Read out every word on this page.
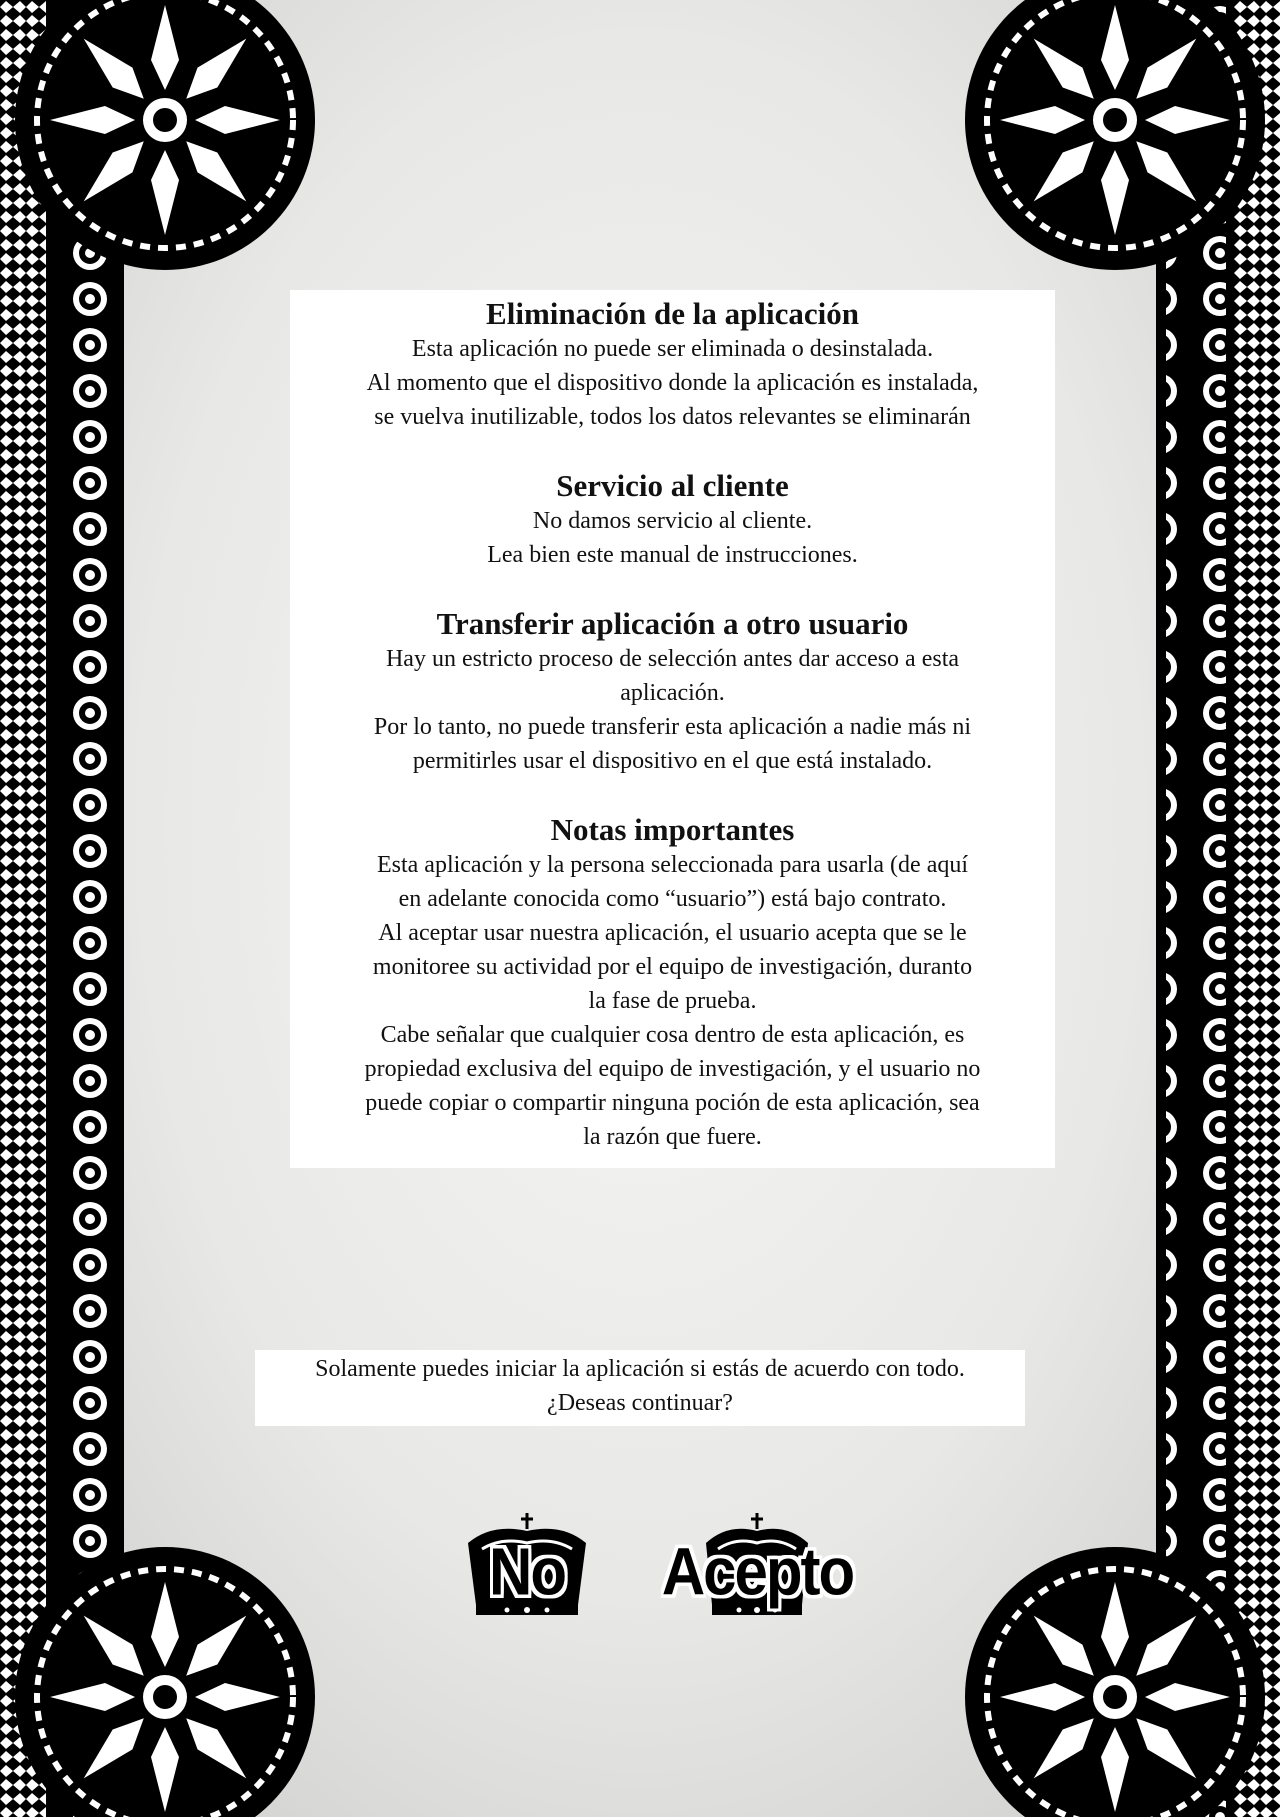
Eliminación de la aplicación

Esta aplicación no puede ser eliminada o desinstalada.

Al momento que el dispositivo donde la aplicación es instalada,

se vuelva inutilizable, todos los datos relevantes se eliminarán

Servicio al cliente

No damos servicio al cliente.

Lea bien este manual de instrucciones.

Transferir aplicación a otro usuario

Hay un estricto proceso de selección antes dar acceso a esta

aplicación.

Por lo tanto, no puede transferir esta aplicación a nadie más ni

permitirles usar el dispositivo en el que está instalado.

Notas importantes

Esta aplicación y la persona seleccionada para usarla (de aquí

en adelante conocida como “usuario”) está bajo contrato.

Al aceptar usar nuestra aplicación, el usuario acepta que se le

monitoree su actividad por el equipo de investigación, duranto

la fase de prueba.

Cabe señalar que cualquier cosa dentro de esta aplicación, es

propiedad exclusiva del equipo de investigación, y el usuario no

puede copiar o compartir ninguna poción de esta aplicación, sea

la razón que fuere.

Solamente puedes iniciar la aplicación si estás de acuerdo con todo.

¿Deseas continuar?

No	Acepto
